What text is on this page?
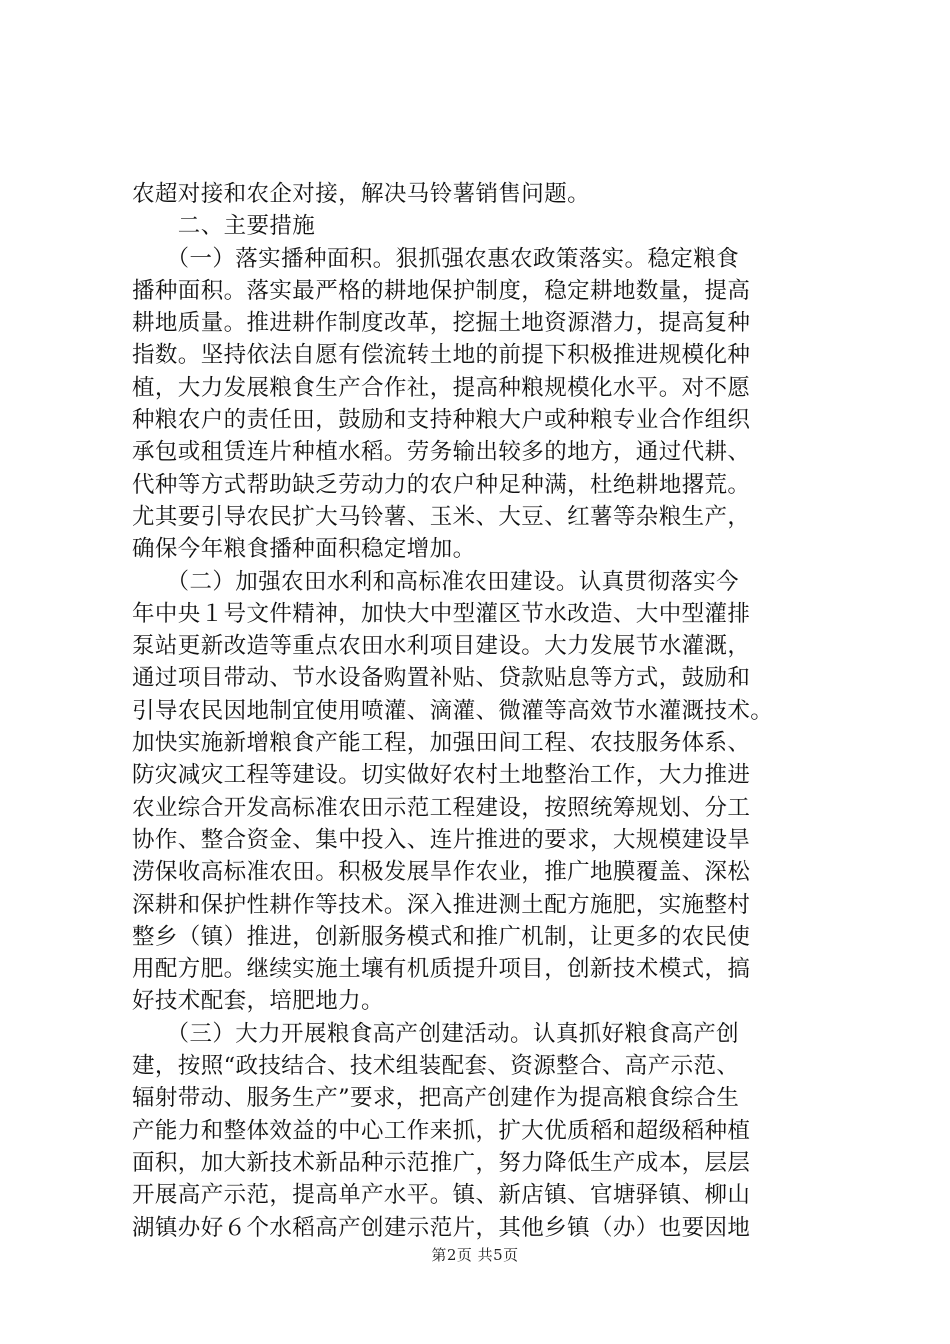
农超对接和农企对接，解决马铃薯销售问题。
　　二、主要措施
　　（一）落实播种面积。狠抓强农惠农政策落实。稳定粮食
播种面积。落实最严格的耕地保护制度，稳定耕地数量，提高
耕地质量。推进耕作制度改革，挖掘土地资源潜力，提高复种
指数。坚持依法自愿有偿流转土地的前提下积极推进规模化种
植，大力发展粮食生产合作社，提高种粮规模化水平。对不愿
种粮农户的责任田，鼓励和支持种粮大户或种粮专业合作组织
承包或租赁连片种植水稻。劳务输出较多的地方，通过代耕、
代种等方式帮助缺乏劳动力的农户种足种满，杜绝耕地撂荒。
尤其要引导农民扩大马铃薯、玉米、大豆、红薯等杂粮生产，
确保今年粮食播种面积稳定增加。
　　（二）加强农田水利和高标准农田建设。认真贯彻落实今
年中央１号文件精神，加快大中型灌区节水改造、大中型灌排
泵站更新改造等重点农田水利项目建设。大力发展节水灌溉，
通过项目带动、节水设备购置补贴、贷款贴息等方式，鼓励和
引导农民因地制宜使用喷灌、滴灌、微灌等高效节水灌溉技术。
加快实施新增粮食产能工程，加强田间工程、农技服务体系、
防灾减灾工程等建设。切实做好农村土地整治工作，大力推进
农业综合开发高标准农田示范工程建设，按照统筹规划、分工
协作、整合资金、集中投入、连片推进的要求，大规模建设旱
涝保收高标准农田。积极发展旱作农业，推广地膜覆盖、深松
深耕和保护性耕作等技术。深入推进测土配方施肥，实施整村
整乡（镇）推进，创新服务模式和推广机制，让更多的农民使
用配方肥。继续实施土壤有机质提升项目，创新技术模式，搞
好技术配套，培肥地力。
　　（三）大力开展粮食高产创建活动。认真抓好粮食高产创
建，按照“政技结合、技术组装配套、资源整合、高产示范、
辐射带动、服务生产”要求，把高产创建作为提高粮食综合生
产能力和整体效益的中心工作来抓，扩大优质稻和超级稻种植
面积，加大新技术新品种示范推广，努力降低生产成本，层层
开展高产示范，提高单产水平。镇、新店镇、官塘驿镇、柳山
湖镇办好６个水稻高产创建示范片，其他乡镇（办）也要因地
第2页 共5页
